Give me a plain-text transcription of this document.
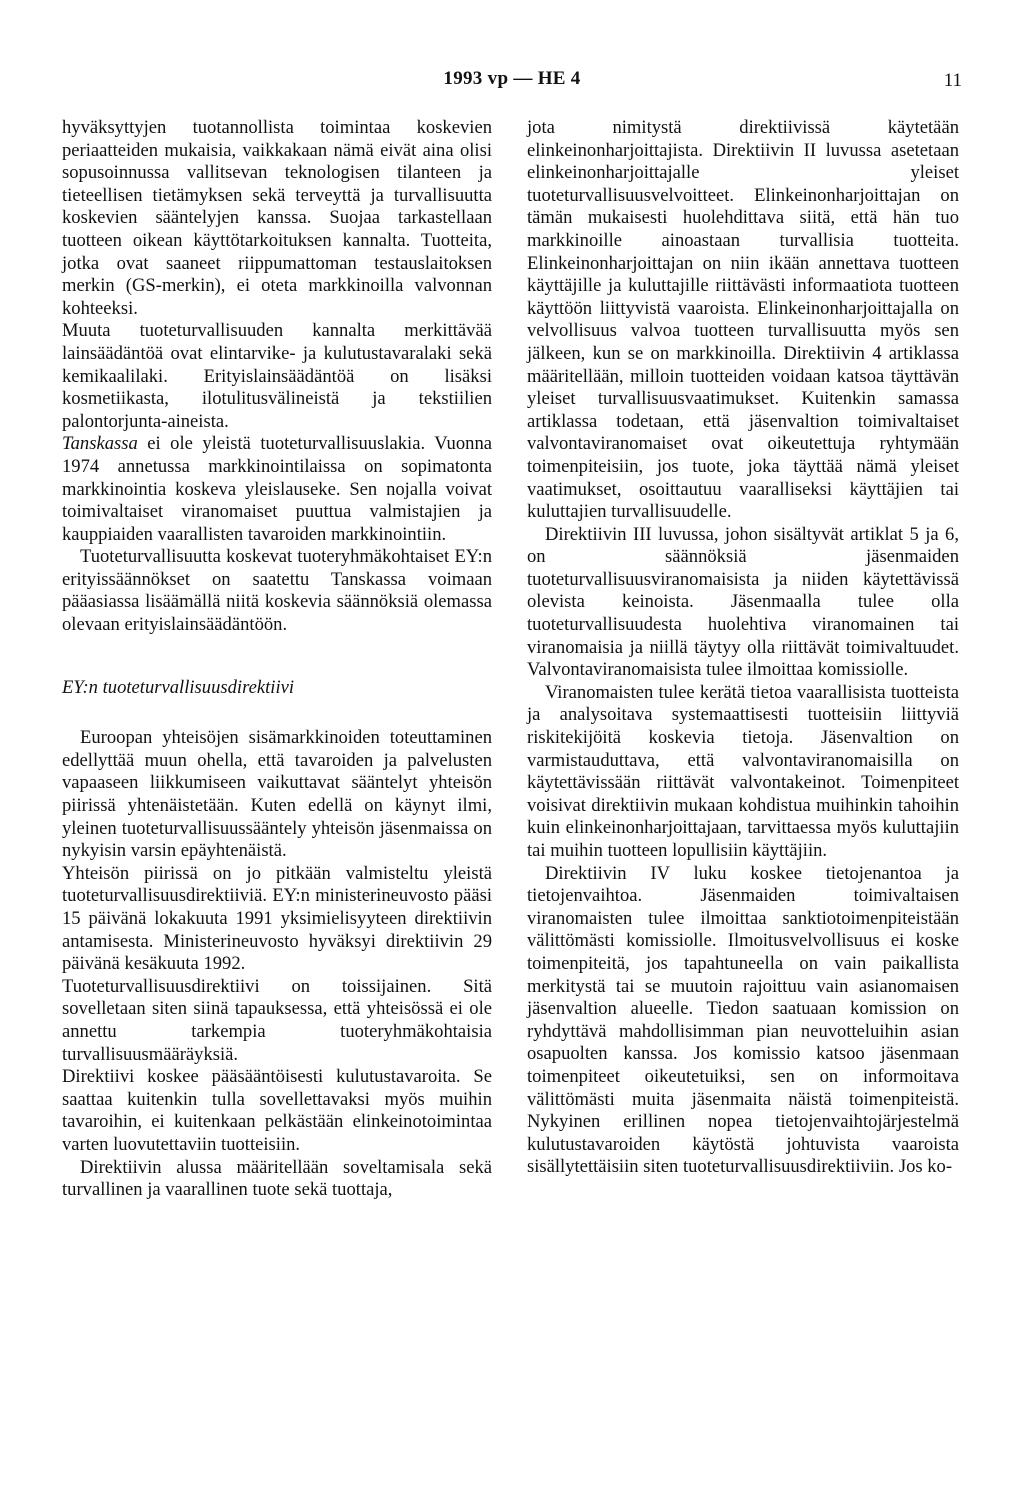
1993 vp — HE 4	11

hyväksyttyjen tuotannollista toimintaa koskevien periaatteiden mukaisia, vaikkakaan nämä eivät aina olisi sopusoinnussa vallitsevan teknologisen tilanteen ja tieteellisen tietämyksen sekä terveyttä ja turvallisuutta koskevien sääntelyjen kanssa. Suojaa tarkastellaan tuotteen oikean käyttötarkoituksen kannalta. Tuotteita, jotka ovat saaneet riippumattoman testauslaitoksen merkin (GS-merkin), ei oteta markkinoilla valvonnan kohteeksi.

Muuta tuoteturvallisuuden kannalta merkittävää lainsäädäntöä ovat elintarvike- ja kulutustavaralaki sekä kemikaalilaki. Erityislainsäädäntöä on lisäksi kosmetiikasta, ilotulitusvälineistä ja tekstiilien palontorjunta-aineista.

Tanskassa ei ole yleistä tuoteturvallisuuslakia. Vuonna 1974 annetussa markkinointilaissa on sopimatonta markkinointia koskeva yleislauseke. Sen nojalla voivat toimivaltaiset viranomaiset puuttua valmistajien ja kauppiaiden vaarallisten tavaroiden markkinointiin.

Tuoteturvallisuutta koskevat tuoteryhmäkohtaiset EY:n erityissäännökset on saatettu Tanskassa voimaan pääasiassa lisäämällä niitä koskevia säännöksiä olemassa olevaan erityislainsäädäntöön.

EY:n tuoteturvallisuusdirektiivi

Euroopan yhteisöjen sisämarkkinoiden toteuttaminen edellyttää muun ohella, että tavaroiden ja palvelusten vapaaseen liikkumiseen vaikuttavat sääntelyt yhteisön piirissä yhtenäistetään. Kuten edellä on käynyt ilmi, yleinen tuoteturvallisuussääntely yhteisön jäsenmaissa on nykyisin varsin epäyhtenäistä.

Yhteisön piirissä on jo pitkään valmisteltu yleistä tuoteturvallisuusdirektiiviä. EY:n ministerineuvosto pääsi 15 päivänä lokakuuta 1991 yksimielisyyteen direktiivin antamisesta. Ministerineuvosto hyväksyi direktiivin 29 päivänä kesäkuuta 1992.

Tuoteturvallisuusdirektiivi on toissijainen. Sitä sovelletaan siten siinä tapauksessa, että yhteisössä ei ole annettu tarkempia tuoteryhmäkohtaisia turvallisuusmääräyksiä.

Direktiivi koskee pääsääntöisesti kulutustavaroita. Se saattaa kuitenkin tulla sovellettavaksi myös muihin tavaroihin, ei kuitenkaan pelkästään elinkeinotoimintaa varten luovutettaviin tuotteisiin.

Direktiivin alussa määritellään soveltamisala sekä turvallinen ja vaarallinen tuote sekä tuottaja,

jota nimitystä direktiivissä käytetään elinkeinonharjoittajista. Direktiivin II luvussa asetetaan elinkeinonharjoittajalle yleiset tuoteturvallisuusvelvoitteet. Elinkeinonharjoittajan on tämän mukaisesti huolehdittava siitä, että hän tuo markkinoille ainoastaan turvallisia tuotteita. Elinkeinonharjoittajan on niin ikään annettava tuotteen käyttäjille ja kuluttajille riittävästi informaatiota tuotteen käyttöön liittyvistä vaaroista. Elinkeinonharjoittajalla on velvollisuus valvoa tuotteen turvallisuutta myös sen jälkeen, kun se on markkinoilla. Direktiivin 4 artiklassa määritellään, milloin tuotteiden voidaan katsoa täyttävän yleiset turvallisuusvaatimukset. Kuitenkin samassa artiklassa todetaan, että jäsenvaltion toimivaltaiset valvontaviranomaiset ovat oikeutettuja ryhtymään toimenpiteisiin, jos tuote, joka täyttää nämä yleiset vaatimukset, osoittautuu vaaralliseksi käyttäjien tai kuluttajien turvallisuudelle.

Direktiivin III luvussa, johon sisältyvät artiklat 5 ja 6, on säännöksiä jäsenmaiden tuoteturvallisuusviranomaisista ja niiden käytettävissä olevista keinoista. Jäsenmaalla tulee olla tuoteturvallisuudesta huolehtiva viranomainen tai viranomaisia ja niillä täytyy olla riittävät toimivaltuudet. Valvontaviranomaisista tulee ilmoittaa komissiolle.

Viranomaisten tulee kerätä tietoa vaarallisista tuotteista ja analysoitava systemaattisesti tuotteisiin liittyviä riskitekijöitä koskevia tietoja. Jäsenvaltion on varmistauduttava, että valvontaviranomaisilla on käytettävissään riittävät valvontakeinot. Toimenpiteet voisivat direktiivin mukaan kohdistua muihinkin tahoihin kuin elinkeinonharjoittajaan, tarvittaessa myös kuluttajiin tai muihin tuotteen lopullisiin käyttäjiin.

Direktiivin IV luku koskee tietojenantoa ja tietojenvaihtoa. Jäsenmaiden toimivaltaisen viranomaisten tulee ilmoittaa sanktiotoimenpiteistään välittömästi komissiolle. Ilmoitusvelvollisuus ei koske toimenpiteitä, jos tapahtuneella on vain paikallista merkitystä tai se muutoin rajoittuu vain asianomaisen jäsenvaltion alueelle. Tiedon saatuaan komission on ryhdyttävä mahdollisimman pian neuvotteluihin asian osapuolten kanssa. Jos komissio katsoo jäsenmaan toimenpiteet oikeutetuiksi, sen on informoitava välittömästi muita jäsenmaita näistä toimenpiteistä. Nykyinen erillinen nopea tietojenvaihtojärjestelmä kulutustavaroiden käytöstä johtuvista vaaroista sisällytettäisiin siten tuoteturvallisuusdirektiiviin. Jos ko-
